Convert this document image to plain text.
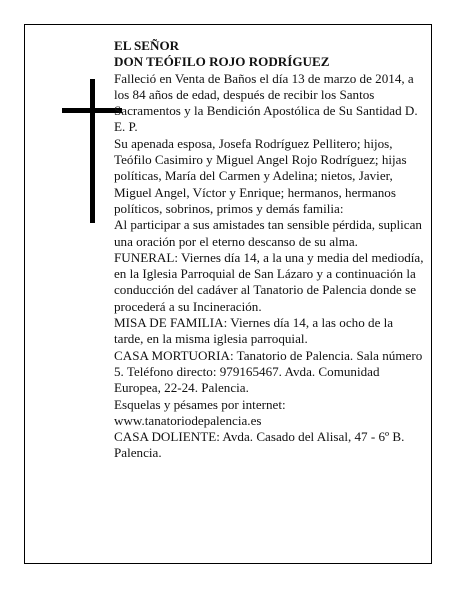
EL SEÑOR

DON TEÓFILO ROJO RODRÍGUEZ

Falleció en Venta de Baños el día 13 de marzo de 2014, a los 84 años de edad, después de recibir los Santos Sacramentos y la Bendición Apostólica de Su Santidad D. E. P.

Su apenada esposa, Josefa Rodríguez Pellitero; hijos, Teófilo Casimiro y Miguel Angel Rojo Rodríguez; hijas políticas, María del Carmen y Adelina; nietos, Javier, Miguel Angel, Víctor y Enrique; hermanos, hermanos políticos, sobrinos, primos y demás familia:

Al participar a sus amistades tan sensible pérdida, suplican una oración por el eterno descanso de su alma.

FUNERAL: Viernes día 14, a la una y media del mediodía, en la Iglesia Parroquial de San Lázaro y a continuación la conducción del cadáver al Tanatorio de Palencia donde se procederá a su Incineración.

MISA DE FAMILIA: Viernes día 14, a las ocho de la tarde, en la misma iglesia parroquial.

CASA MORTUORIA: Tanatorio de Palencia. Sala número 5. Teléfono directo: 979165467. Avda. Comunidad Europea, 22-24. Palencia.

Esquelas y pésames por internet: www.tanatoriodepalencia.es

CASA DOLIENTE: Avda. Casado del Alisal, 47 - 6º B. Palencia.
